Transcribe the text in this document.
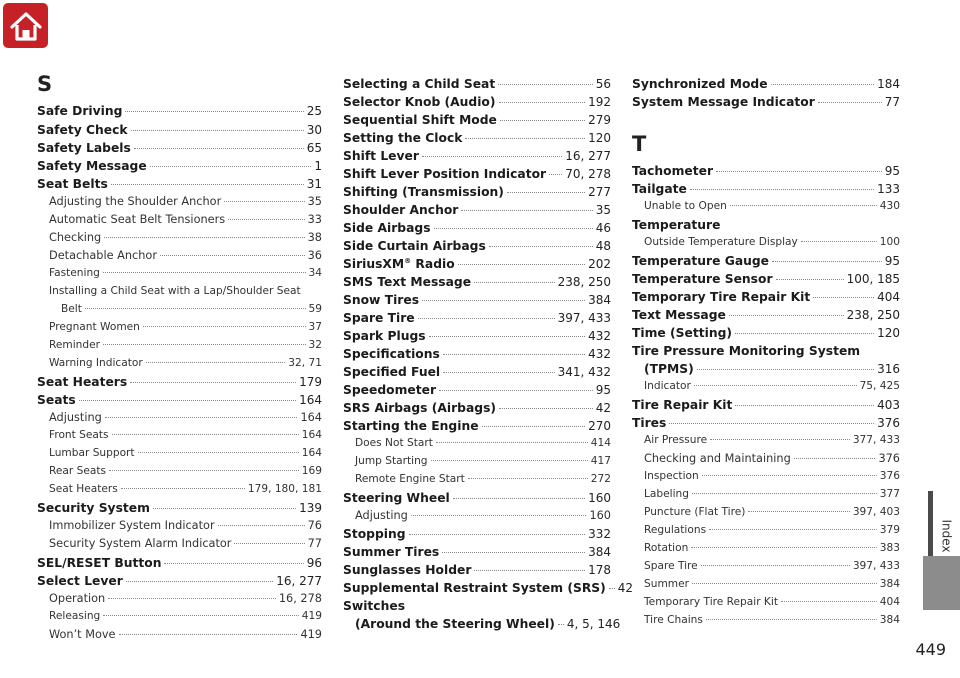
S
Safe Driving	25
Safety Check	30
Safety Labels	65
Safety Message	1
Seat Belts	31
Adjusting the Shoulder Anchor	35
Automatic Seat Belt Tensioners	33
Checking	38
Detachable Anchor	36
Fastening	34
Installing a Child Seat with a Lap/Shoulder Seat
Belt	59
Pregnant Women	37
Reminder	32
Warning Indicator	32, 71
Seat Heaters	179
Seats	164
Adjusting	164
Front Seats	164
Lumbar Support	164
Rear Seats	169
Seat Heaters	179, 180, 181
Security System	139
Immobilizer System Indicator	76
Security System Alarm Indicator	77
SEL/RESET Button	96
Select Lever	16, 277
Operation	16, 278
Releasing	419
Won’t Move	419
Selecting a Child Seat	56
Selector Knob (Audio)	192
Sequential Shift Mode	279
Setting the Clock	120
Shift Lever	16, 277
Shift Lever Position Indicator 70, 278
Shifting (Transmission)	277
Shoulder Anchor	35
Side Airbags	46
Side Curtain Airbags	48
SiriusXM® Radio	202
SMS Text Message	238, 250
Snow Tires	384
Spare Tire	397, 433
Spark Plugs	432
Specifications	432
Specified Fuel	341, 432
Speedometer	95
SRS Airbags (Airbags)	42
Starting the Engine	270
Does Not Start	414
Jump Starting	417
Remote Engine Start	272
Steering Wheel	160
Adjusting	160
Stopping	332
Summer Tires	384
Sunglasses Holder	178
Supplemental Restraint System (SRS) 42
Switches
(Around the Steering Wheel) 4, 5, 146
Synchronized Mode	184
System Message Indicator	77
T
Tachometer	95
Tailgate	133
Unable to Open	430
Temperature
Outside Temperature Display	100
Temperature Gauge	95
Temperature Sensor	100, 185
Temporary Tire Repair Kit	404
Text Message	238, 250
Time (Setting)	120
Tire Pressure Monitoring System
(TPMS)	316
Indicator	75, 425
Tire Repair Kit	403
Tires	376
Air Pressure	377, 433
Checking and Maintaining	376
Inspection	376
Labeling	377
Puncture (Flat Tire)	397, 403
Regulations	379
Rotation	383
Spare Tire	397, 433
Summer	384
Temporary Tire Repair Kit	404
Tire Chains	384
Index
449
